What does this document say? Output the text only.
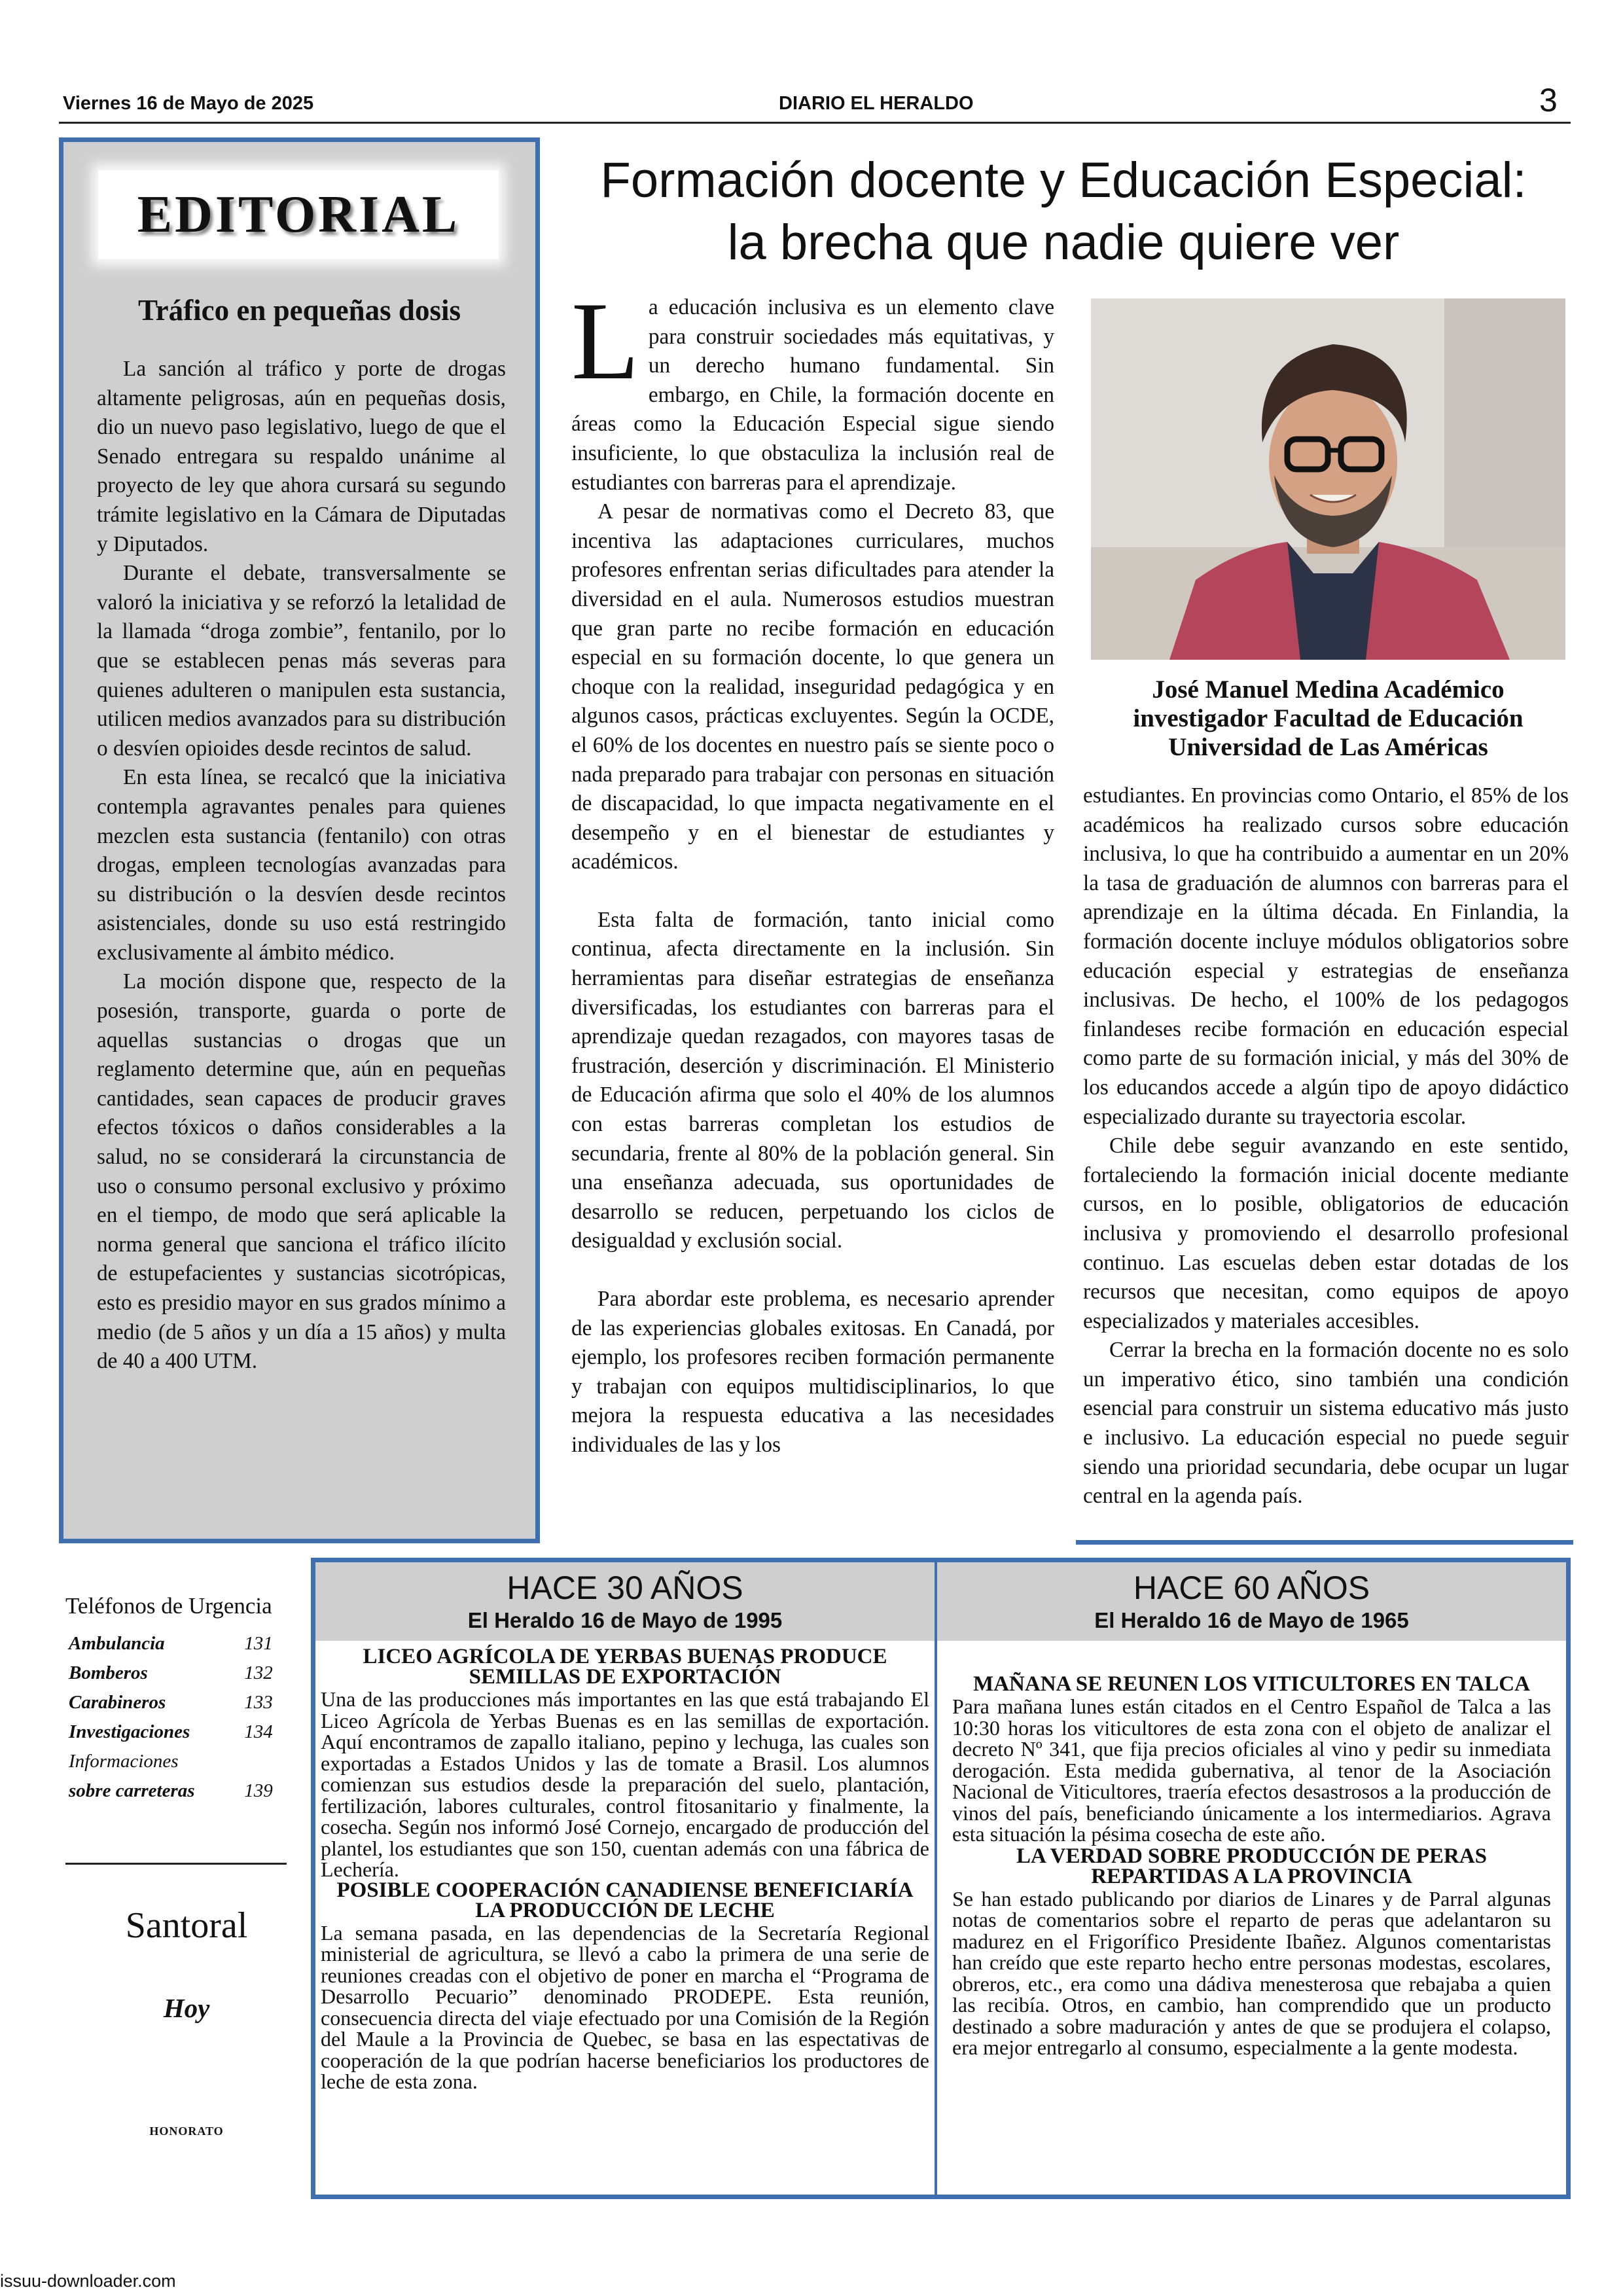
Viernes 16 de Mayo de 2025	DIARIO EL HERALDO	3
EDITORIAL
Tráfico en pequeñas dosis

La sanción al tráfico y porte de drogas altamente peligrosas, aún en pequeñas dosis, dio un nuevo paso legislativo, luego de que el Senado entregara su respaldo unánime al proyecto de ley que ahora cursará su segundo trámite legislativo en la Cámara de Diputadas y Diputados.

Durante el debate, transversalmente se valoró la iniciativa y se reforzó la letalidad de la llamada “droga zombie”, fentanilo, por lo que se establecen penas más severas para quienes adulteren o manipulen esta sustancia, utilicen medios avanzados para su distribución o desvíen opioides desde recintos de salud.

En esta línea, se recalcó que la iniciativa contempla agravantes penales para quienes mezclen esta sustancia (fentanilo) con otras drogas, empleen tecnologías avanzadas para su distribución o la desvíen desde recintos asistenciales, donde su uso está restringido exclusivamente al ámbito médico.

La moción dispone que, respecto de la posesión, transporte, guarda o porte de aquellas sustancias o drogas que un reglamento determine que, aún en pequeñas cantidades, sean capaces de producir graves efectos tóxicos o daños considerables a la salud, no se considerará la circunstancia de uso o consumo personal exclusivo y próximo en el tiempo, de modo que será aplicable la norma general que sanciona el tráfico ilícito de estupefacientes y sustancias sicotrópicas, esto es presidio mayor en sus grados mínimo a medio (de 5 años y un día a 15 años) y multa de 40 a 400 UTM.

Formación docente y Educación Especial:
la brecha que nadie quiere ver

La educación inclusiva es un elemento clave para construir sociedades más equitativas, y un derecho humano fundamental. Sin embargo, en Chile, la formación docente en áreas como la Educación Especial sigue siendo insuficiente, lo que obstaculiza la inclusión real de estudiantes con barreras para el aprendizaje.

A pesar de normativas como el Decreto 83, que incentiva las adaptaciones curriculares, muchos profesores enfrentan serias dificultades para atender la diversidad en el aula. Numerosos estudios muestran que gran parte no recibe formación en educación especial en su formación docente, lo que genera un choque con la realidad, inseguridad pedagógica y en algunos casos, prácticas excluyentes. Según la OCDE, el 60% de los docentes en nuestro país se siente poco o nada preparado para trabajar con personas en situación de discapacidad, lo que impacta negativamente en el desempeño y en el bienestar de estudiantes y académicos.

Esta falta de formación, tanto inicial como continua, afecta directamente en la inclusión. Sin herramientas para diseñar estrategias de enseñanza diversificadas, los estudiantes con barreras para el aprendizaje quedan rezagados, con mayores tasas de frustración, deserción y discriminación. El Ministerio de Educación afirma que solo el 40% de los alumnos con estas barreras completan los estudios de secundaria, frente al 80% de la población general. Sin una enseñanza adecuada, sus oportunidades de desarrollo se reducen, perpetuando los ciclos de desigualdad y exclusión social.

Para abordar este problema, es necesario aprender de las experiencias globales exitosas. En Canadá, por ejemplo, los profesores reciben formación permanente y trabajan con equipos multidisciplinarios, lo que mejora la respuesta educativa a las necesidades individuales de las y los

José Manuel Medina Académico investigador Facultad de Educación Universidad de Las Américas

estudiantes. En provincias como Ontario, el 85% de los académicos ha realizado cursos sobre educación inclusiva, lo que ha contribuido a aumentar en un 20% la tasa de graduación de alumnos con barreras para el aprendizaje en la última década. En Finlandia, la formación docente incluye módulos obligatorios sobre educación especial y estrategias de enseñanza inclusivas. De hecho, el 100% de los pedagogos finlandeses recibe formación en educación especial como parte de su formación inicial, y más del 30% de los educandos accede a algún tipo de apoyo didáctico especializado durante su trayectoria escolar.

Chile debe seguir avanzando en este sentido, fortaleciendo la formación inicial docente mediante cursos, en lo posible, obligatorios de educación inclusiva y promoviendo el desarrollo profesional continuo. Las escuelas deben estar dotadas de los recursos que necesitan, como equipos de apoyo especializados y materiales accesibles.

Cerrar la brecha en la formación docente no es solo un imperativo ético, sino también una condición esencial para construir un sistema educativo más justo e inclusivo. La educación especial no puede seguir siendo una prioridad secundaria, debe ocupar un lugar central en la agenda país.

Teléfonos de Urgencia
Ambulancia	131
Bomberos	132
Carabineros	133
Investigaciones	134
Informaciones	
sobre carreteras	139
Santoral
Hoy
HONORATO
HACE 30 AÑOS
El Heraldo 16 de Mayo de 1995
HACE 60 AÑOS
El Heraldo 16 de Mayo de 1965
LICEO AGRÍCOLA DE YERBAS BUENAS PRODUCE SEMILLAS DE EXPORTACIÓN
Una de las producciones más importantes en las que está trabajando El Liceo Agrícola de Yerbas Buenas es en las semillas de exportación. Aquí encontramos de zapallo italiano, pepino y lechuga, las cuales son exportadas a Estados Unidos y las de tomate a Brasil. Los alumnos comienzan sus estudios desde la preparación del suelo, plantación, fertilización, labores culturales, control fitosanitario y finalmente, la cosecha. Según nos informó José Cornejo, encargado de producción del plantel, los estudiantes que son 150, cuentan además con una fábrica de Lechería.
POSIBLE COOPERACIÓN CANADIENSE BENEFICIARÍA LA PRODUCCIÓN DE LECHE
La semana pasada, en las dependencias de la Secretaría Regional ministerial de agricultura, se llevó a cabo la primera de una serie de reuniones creadas con el objetivo de poner en marcha el “Programa de Desarrollo Pecuario” denominado PRODEPE. Esta reunión, consecuencia directa del viaje efectuado por una Comisión de la Región del Maule a la Provincia de Quebec, se basa en las espectativas de cooperación de la que podrían hacerse beneficiarios los productores de leche de esta zona.
MAÑANA SE REUNEN LOS VITICULTORES EN TALCA
Para mañana lunes están citados en el Centro Español de Talca a las 10:30 horas los viticultores de esta zona con el objeto de analizar el decreto Nº 341, que fija precios oficiales al vino y pedir su inmediata derogación. Esta medida gubernativa, al tenor de la Asociación Nacional de Viticultores, traería efectos desastrosos a la producción de vinos del país, beneficiando únicamente a los intermediarios. Agrava esta situación la pésima cosecha de este año.
LA VERDAD SOBRE PRODUCCIÓN DE PERAS REPARTIDAS A LA PROVINCIA
Se han estado publicando por diarios de Linares y de Parral algunas notas de comentarios sobre el reparto de peras que adelantaron su madurez en el Frigorífico Presidente Ibañez. Algunos comentaristas han creído que este reparto hecho entre personas modestas, escolares, obreros, etc., era como una dádiva menesterosa que rebajaba a quien las recibía. Otros, en cambio, han comprendido que un producto destinado a sobre maduración y antes de que se produjera el colapso, era mejor entregarlo al consumo, especialmente a la gente modesta.
issuu-downloader.com
